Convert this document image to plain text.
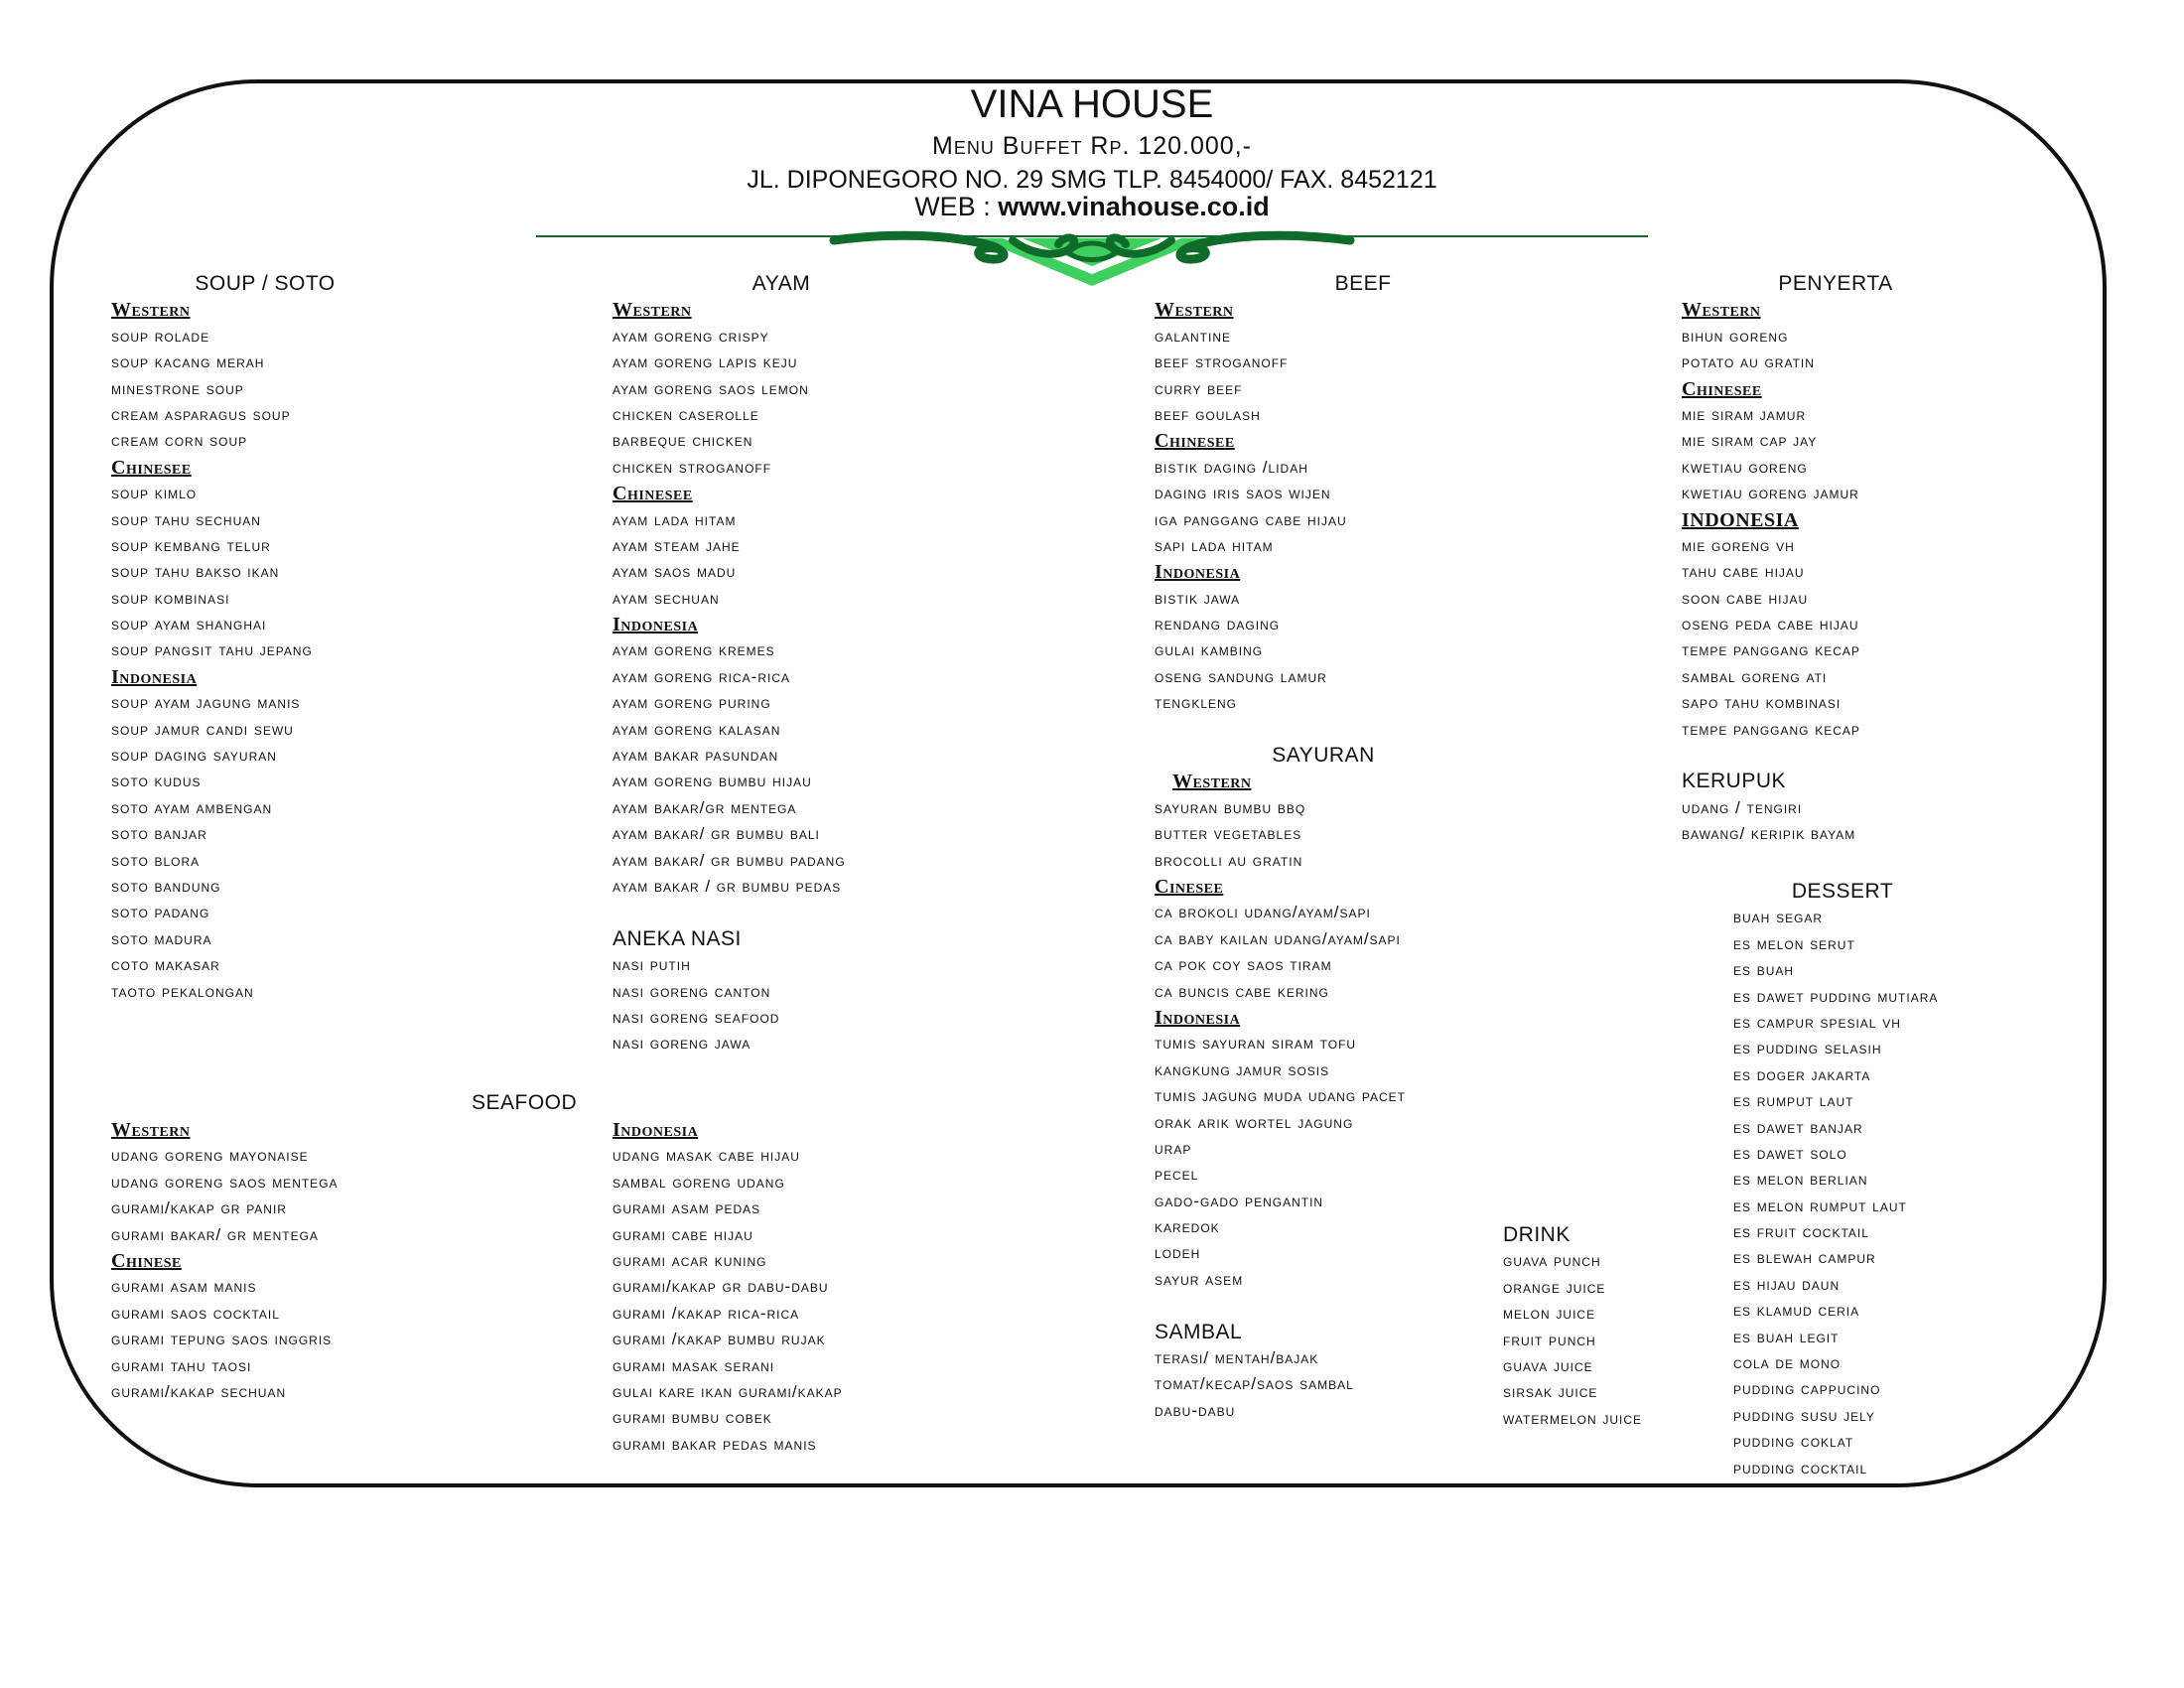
VINA HOUSE
Menu Buffet Rp. 120.000,-
JL. DIPONEGORO NO. 29 SMG TLP. 8454000/ FAX. 8452121
WEB : www.vinahouse.co.id
SOUP / SOTO
Western
soup rolade
soup kacang merah
minestrone soup
cream asparagus soup
cream corn soup
Chinesee
soup kimlo
soup tahu sechuan
soup kembang telur
soup tahu bakso ikan
soup kombinasi
soup ayam shanghai
soup pangsit tahu jepang
Indonesia
soup ayam jagung manis
soup jamur candi sewu
soup daging sayuran
soto kudus
soto ayam ambengan
soto banjar
soto blora
soto bandung
soto padang
soto madura
coto makasar
taoto pekalongan
SEAFOOD
Western
udang goreng mayonaise
udang goreng saos mentega
gurami/kakap gr panir
gurami bakar/ gr mentega
Chinese
gurami asam manis
gurami saos cocktail
gurami tepung saos inggris
gurami tahu taosi
gurami/kakap sechuan
AYAM
Western
ayam goreng crispy
ayam goreng lapis keju
ayam goreng saos lemon
chicken caserolle
barbeque chicken
chicken stroganoff
Chinesee
ayam lada hitam
ayam steam jahe
ayam saos madu
ayam sechuan
Indonesia
ayam goreng kremes
ayam goreng rica-rica
ayam goreng puring
ayam goreng kalasan
ayam bakar pasundan
ayam goreng bumbu hijau
ayam bakar/gr mentega
ayam bakar/ gr bumbu bali
ayam bakar/ gr bumbu padang
ayam bakar / gr bumbu pedas
ANEKA NASI
nasi putih
nasi goreng canton
nasi goreng seafood
nasi goreng jawa
Indonesia
udang masak cabe hijau
sambal goreng udang
gurami asam pedas
gurami cabe hijau
gurami acar kuning
gurami/kakap gr dabu-dabu
gurami /kakap rica-rica
gurami /kakap bumbu rujak
gurami masak serani
gulai kare ikan gurami/kakap
gurami bumbu cobek
gurami bakar pedas manis
BEEF
Western
galantine
beef stroganoff
curry beef
beef goulash
Chinesee
bistik daging /lidah
daging iris saos wijen
iga panggang cabe hijau
sapi lada hitam
Indonesia
bistik jawa
rendang daging
gulai kambing
oseng sandung lamur
tengkleng
SAYURAN
Western
sayuran bumbu bbq
butter vegetables
brocolli au gratin
Cinesee
ca brokoli udang/ayam/sapi
ca baby kailan udang/ayam/sapi
ca pok coy saos tiram
ca buncis cabe kering
Indonesia
tumis sayuran siram tofu
kangkung jamur sosis
tumis jagung muda udang pacet
orak arik wortel jagung
urap
pecel
gado-gado pengantin
karedok
lodeh
sayur asem
SAMBAL
terasi/ mentah/bajak
tomat/kecap/saos sambal
dabu-dabu
DRINK
guava punch
orange juice
melon juice
fruit punch
guava juice
sirsak juice
watermelon juice
PENYERTA
Western
bihun goreng
potato au gratin
Chinesee
mie siram jamur
mie siram cap jay
kwetiau goreng
kwetiau goreng jamur
INDONESIA
mie goreng vh
tahu cabe hijau
soon cabe hijau
oseng peda cabe hijau
tempe panggang kecap
sambal goreng ati
sapo tahu kombinasi
tempe panggang kecap
KERUPUK
udang / tengiri
bawang/ keripik bayam
DESSERT
buah segar
es melon serut
es buah
es dawet pudding mutiara
es campur spesial vh
es pudding selasih
es doger jakarta
es rumput laut
es dawet banjar
es dawet solo
es melon berlian
es melon rumput laut
es fruit cocktail
es blewah campur
es hijau daun
es klamud ceria
es buah legit
cola de mono
pudding cappucino
pudding susu jely
pudding coklat
pudding cocktail
